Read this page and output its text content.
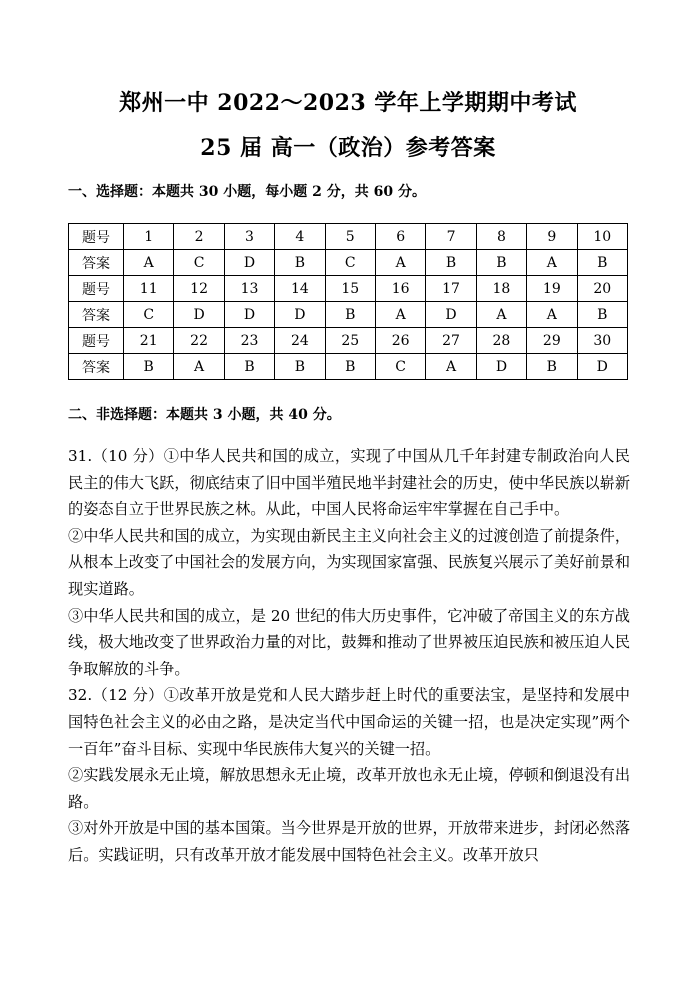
郑州一中 2022～2023 学年上学期期中考试
25 届 高一（政治）参考答案
一、选择题：本题共 30 小题，每小题 2 分，共 60 分。
题号	1	2	3	4	5	6	7	8	9	10
答案	A	C	D	B	C	A	B	B	A	B
题号	11	12	13	14	15	16	17	18	19	20
答案	C	D	D	D	B	A	D	A	A	B
题号	21	22	23	24	25	26	27	28	29	30
答案	B	A	B	B	B	C	A	D	B	D
二、非选择题：本题共 3 小题，共 40 分。

31.（10 分）①中华人民共和国的成立，实现了中国从几千年封建专制政治向人民民主的伟大飞跃，彻底结束了旧中国半殖民地半封建社会的历史，使中华民族以崭新的姿态自立于世界民族之林。从此，中国人民将命运牢牢掌握在自己手中。

②中华人民共和国的成立，为实现由新民主主义向社会主义的过渡创造了前提条件，从根本上改变了中国社会的发展方向，为实现国家富强、民族复兴展示了美好前景和现实道路。

③中华人民共和国的成立，是 20 世纪的伟大历史事件，它冲破了帝国主义的东方战线，极大地改变了世界政治力量的对比，鼓舞和推动了世界被压迫民族和被压迫人民争取解放的斗争。

32.（12 分）①改革开放是党和人民大踏步赶上时代的重要法宝，是坚持和发展中国特色社会主义的必由之路，是决定当代中国命运的关键一招，也是决定实现”两个一百年”奋斗目标、实现中华民族伟大复兴的关键一招。

②实践发展永无止境，解放思想永无止境，改革开放也永无止境，停顿和倒退没有出路。

③对外开放是中国的基本国策。当今世界是开放的世界，开放带来进步，封闭必然落后。实践证明，只有改革开放才能发展中国特色社会主义。改革开放只
